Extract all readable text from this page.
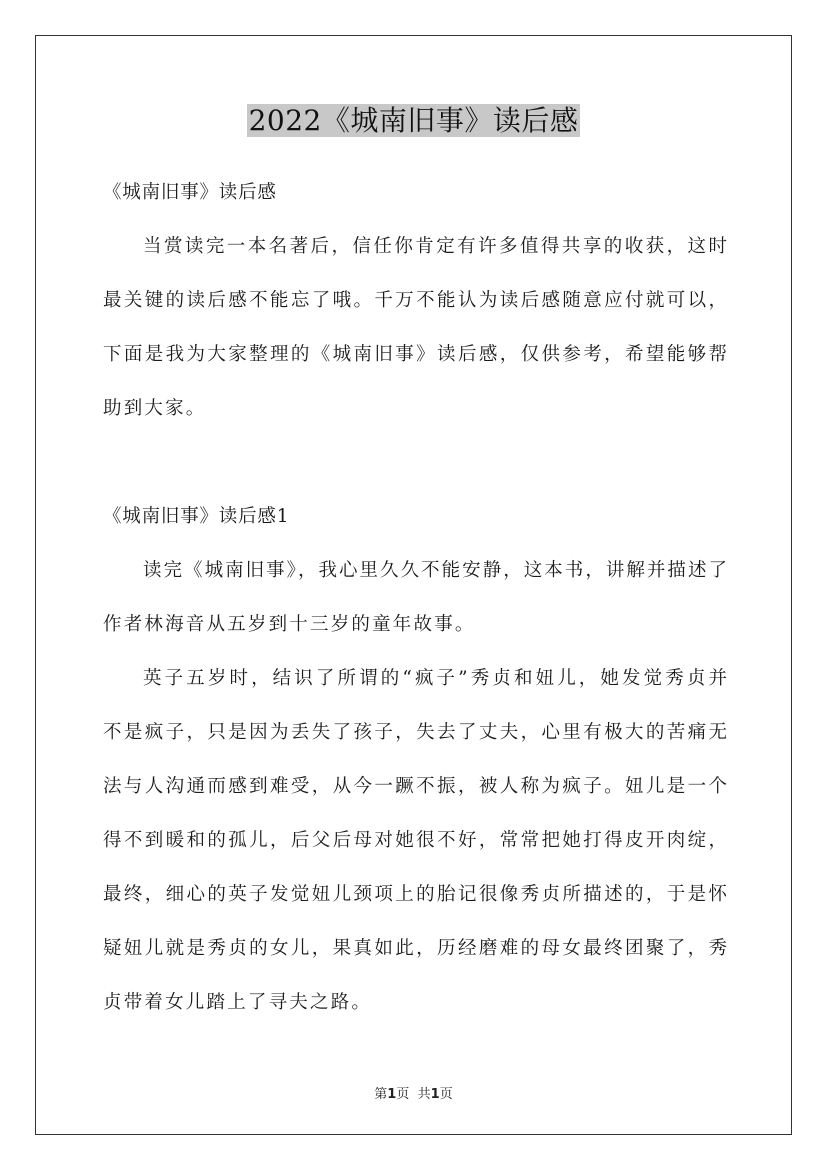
2022《城南旧事》读后感
《城南旧事》读后感
当赏读完一本名著后，信任你肯定有许多值得共享的收获，这时
最关键的读后感不能忘了哦。千万不能认为读后感随意应付就可以，
下面是我为大家整理的《城南旧事》读后感，仅供参考，希望能够帮
助到大家。
《城南旧事》读后感1
读完《城南旧事》，我心里久久不能安静，这本书，讲解并描述了
作者林海音从五岁到十三岁的童年故事。
英子五岁时，结识了所谓的“疯子”秀贞和妞儿，她发觉秀贞并
不是疯子，只是因为丢失了孩子，失去了丈夫，心里有极大的苦痛无
法与人沟通而感到难受，从今一蹶不振，被人称为疯子。妞儿是一个
得不到暖和的孤儿，后父后母对她很不好，常常把她打得皮开肉绽，
最终，细心的英子发觉妞儿颈项上的胎记很像秀贞所描述的，于是怀
疑妞儿就是秀贞的女儿，果真如此，历经磨难的母女最终团聚了，秀
贞带着女儿踏上了寻夫之路。
第1页 共1页
